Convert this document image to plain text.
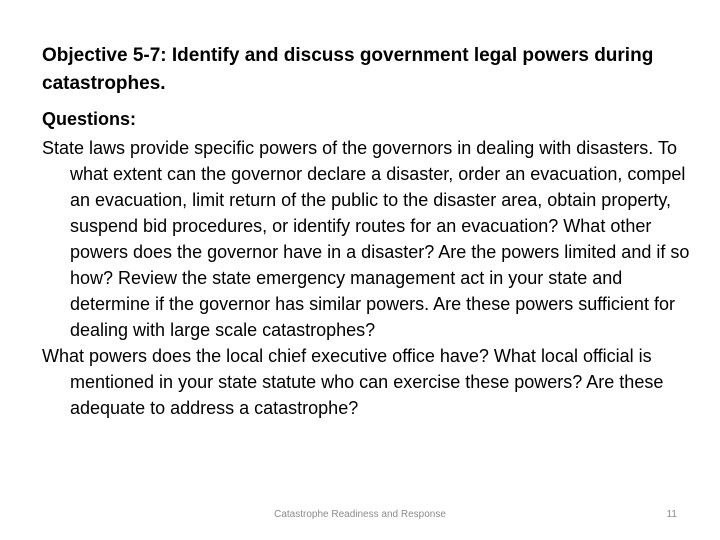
Objective 5-7: Identify and discuss government legal powers during catastrophes.
Questions:

State laws provide specific powers of the governors in dealing with disasters. To what extent can the governor declare a disaster, order an evacuation, compel an evacuation, limit return of the public to the disaster area, obtain property, suspend bid procedures, or identify routes for an evacuation? What other powers does the governor have in a disaster? Are the powers limited and if so how? Review the state emergency management act in your state and determine if the governor has similar powers. Are these powers sufficient for dealing with large scale catastrophes?

What powers does the local chief executive office have? What local official is mentioned in your state statute who can exercise these powers? Are these adequate to address a catastrophe?

Catastrophe Readiness and Response	11
